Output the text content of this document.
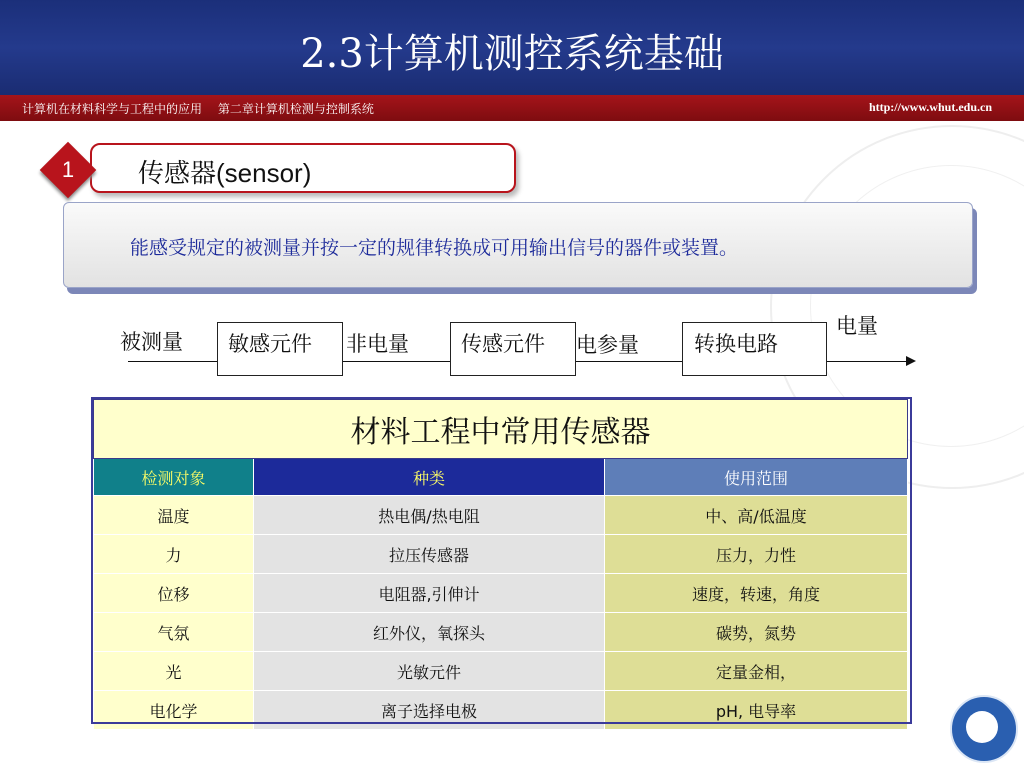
2.3计算机测控系统基础
计算机在材料科学与工程中的应用　 第二章计算机检测与控制系统	http://www.whut.edu.cn
1	传感器(sensor)
能感受规定的被测量并按一定的规律转换成可用输出信号的器件或装置。
被测量 敏感元件 非电量 传感元件 电参量	转换电路
电量
材料工程中常用传感器		
检测对象	种类	使用范围
温度	热电偶/热电阻	中、高/低温度
力	拉压传感器	压力，力性
位移	电阻器,引伸计	速度，转速，角度
气氛	红外仪，氧探头	碳势，氮势
光	光敏元件	定量金相，
电化学	离子选择电极	pH, 电导率
